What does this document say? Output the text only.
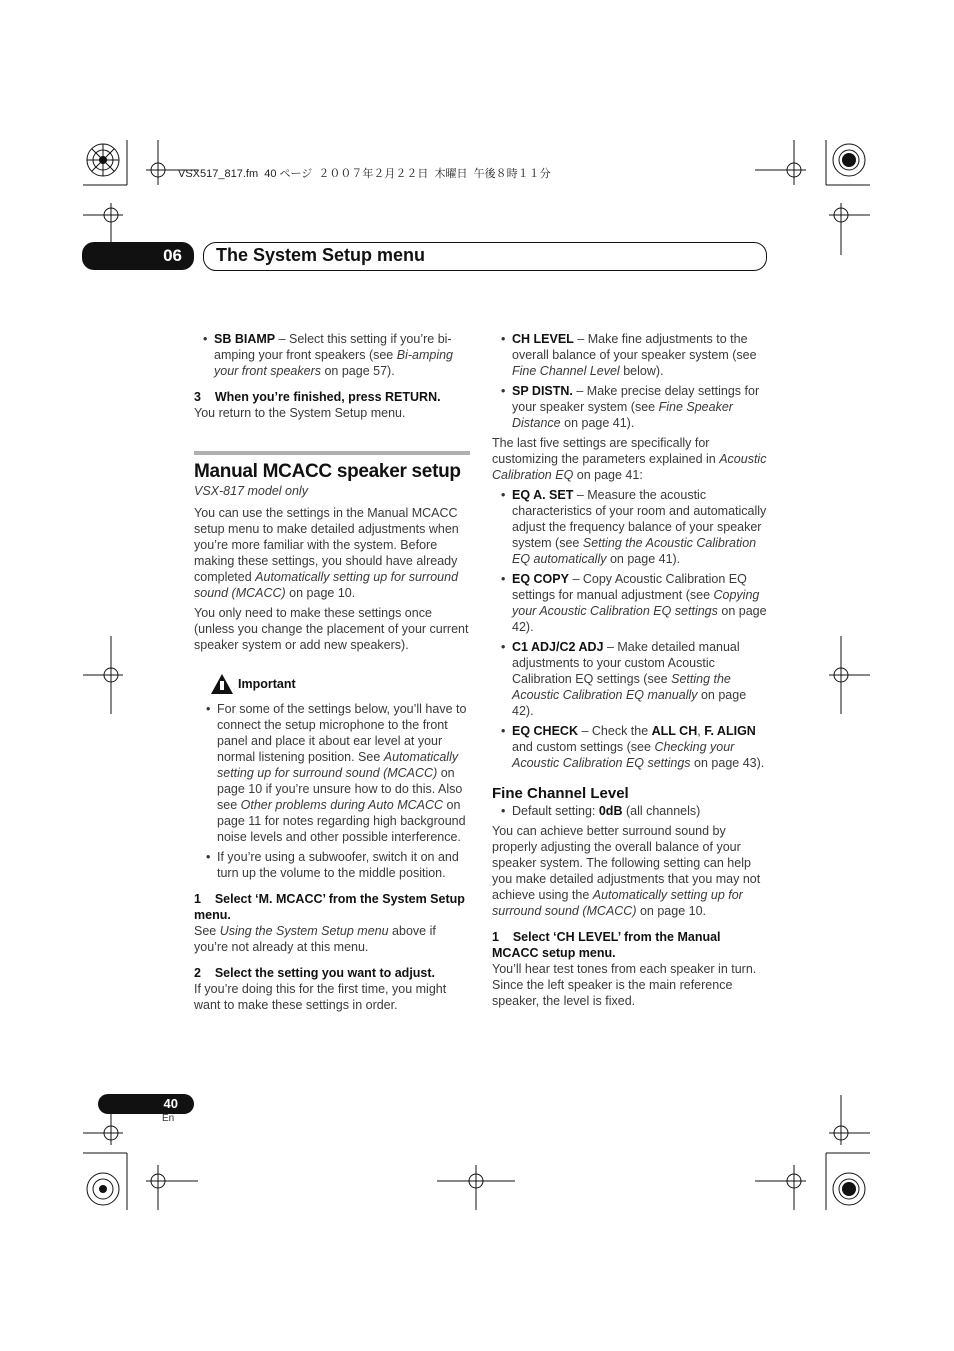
VSX517_817.fm  40 ページ  ２００７年２月２２日  木曜日  午後８時１１分
06 The System Setup menu
• SB BIAMP – Select this setting if you’re bi-amping your front speakers (see Bi-amping your front speakers on page 57).
3    When you’re finished, press RETURN.
You return to the System Setup menu.
Manual MCACC speaker setup
VSX-817 model only
You can use the settings in the Manual MCACC setup menu to make detailed adjustments when you’re more familiar with the system. Before making these settings, you should have already completed Automatically setting up for surround sound (MCACC) on page 10.
You only need to make these settings once (unless you change the placement of your current speaker system or add new speakers).
Important
• For some of the settings below, you’ll have to connect the setup microphone to the front panel and place it about ear level at your normal listening position. See Automatically setting up for surround sound (MCACC) on page 10 if you’re unsure how to do this. Also see Other problems during Auto MCACC on page 11 for notes regarding high background noise levels and other possible interference.
• If you’re using a subwoofer, switch it on and turn up the volume to the middle position.
1    Select ‘M. MCACC’ from the System Setup menu.
See Using the System Setup menu above if you’re not already at this menu.
2    Select the setting you want to adjust.
If you’re doing this for the first time, you might want to make these settings in order.
• CH LEVEL – Make fine adjustments to the overall balance of your speaker system (see Fine Channel Level below).
• SP DISTN. – Make precise delay settings for your speaker system (see Fine Speaker Distance on page 41).
The last five settings are specifically for customizing the parameters explained in Acoustic Calibration EQ on page 41:
• EQ A. SET – Measure the acoustic characteristics of your room and automatically adjust the frequency balance of your speaker system (see Setting the Acoustic Calibration EQ automatically on page 41).
• EQ COPY – Copy Acoustic Calibration EQ settings for manual adjustment (see Copying your Acoustic Calibration EQ settings on page 42).
• C1 ADJ/C2 ADJ – Make detailed manual adjustments to your custom Acoustic Calibration EQ settings (see Setting the Acoustic Calibration EQ manually on page 42).
• EQ CHECK – Check the ALL CH, F. ALIGN and custom settings (see Checking your Acoustic Calibration EQ settings on page 43).
Fine Channel Level
• Default setting: 0dB (all channels)
You can achieve better surround sound by properly adjusting the overall balance of your speaker system. The following setting can help you make detailed adjustments that you may not achieve using the Automatically setting up for surround sound (MCACC) on page 10.
1    Select ‘CH LEVEL’ from the Manual MCACC setup menu.
You’ll hear test tones from each speaker in turn. Since the left speaker is the main reference speaker, the level is fixed.
40
En
